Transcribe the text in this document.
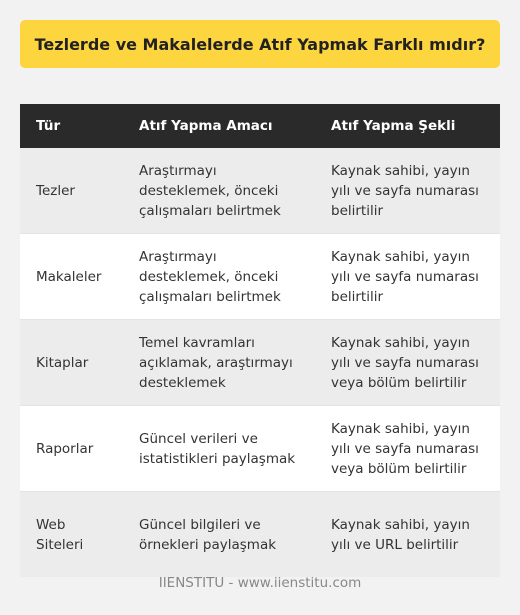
Tezlerde ve Makalelerde Atıf Yapmak Farklı mıdır?
Tür	Atıf Yapma Amacı	Atıf Yapma Şekli
Tezler	Araştırmayı desteklemek, önceki çalışmaları belirtmek	Kaynak sahibi, yayın yılı ve sayfa numarası belirtilir
Makaleler	Araştırmayı desteklemek, önceki çalışmaları belirtmek	Kaynak sahibi, yayın yılı ve sayfa numarası belirtilir
Kitaplar	Temel kavramları açıklamak, araştırmayı desteklemek	Kaynak sahibi, yayın yılı ve sayfa numarası veya bölüm belirtilir
Raporlar	Güncel verileri ve istatistikleri paylaşmak	Kaynak sahibi, yayın yılı ve sayfa numarası veya bölüm belirtilir
Web Siteleri	Güncel bilgileri ve örnekleri paylaşmak	Kaynak sahibi, yayın yılı ve URL belirtilir
IIENSTITU - www.iienstitu.com
